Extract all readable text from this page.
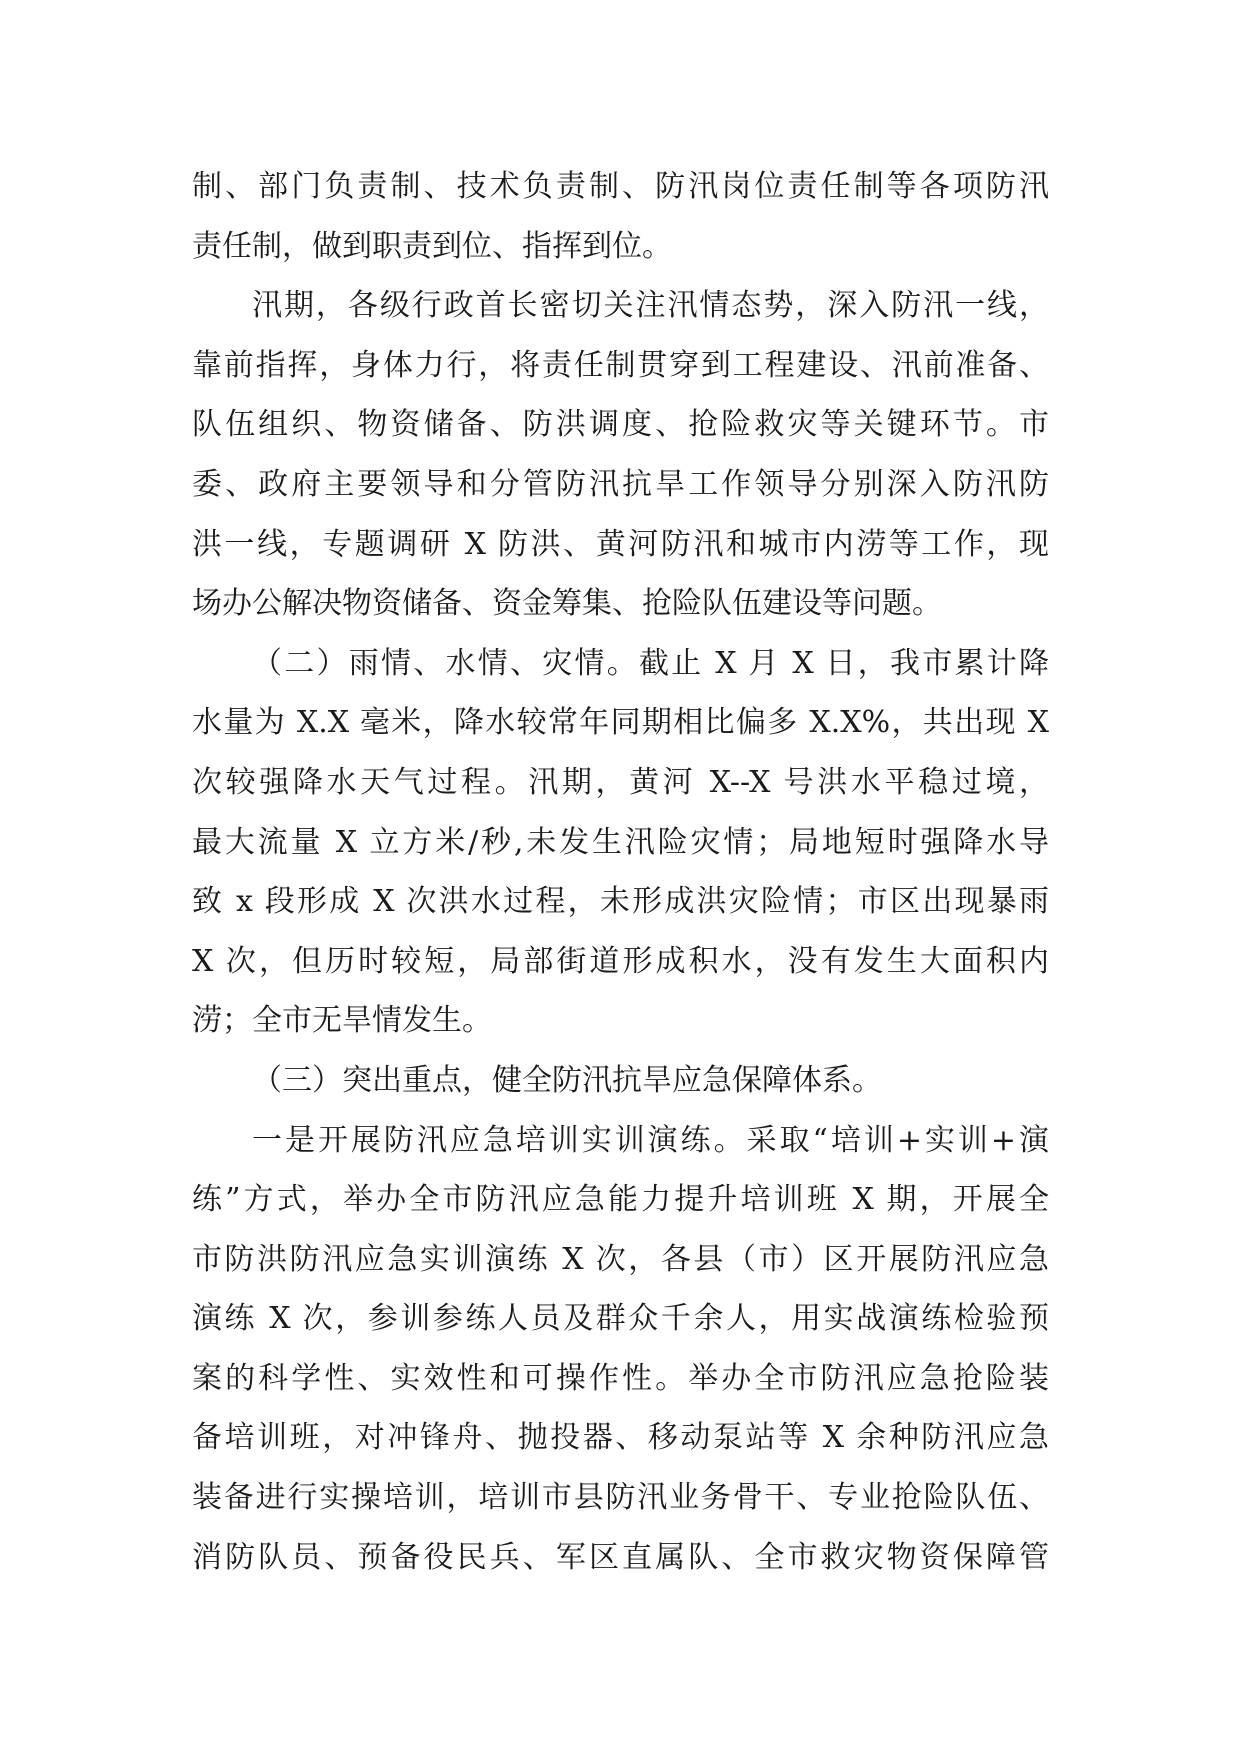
制、部门负责制、技术负责制、防汛岗位责任制等各项防汛
责任制，做到职责到位、指挥到位。
汛期，各级行政首长密切关注汛情态势，深入防汛一线，
靠前指挥，身体力行，将责任制贯穿到工程建设、汛前准备、
队伍组织、物资储备、防洪调度、抢险救灾等关键环节。市
委、政府主要领导和分管防汛抗旱工作领导分别深入防汛防
洪一线，专题调研 X 防洪、黄河防汛和城市内涝等工作，现
场办公解决物资储备、资金筹集、抢险队伍建设等问题。
（二）雨情、水情、灾情。截止 X 月 X 日，我市累计降
水量为 X.X 毫米，降水较常年同期相比偏多 X.X%，共出现 X
次较强降水天气过程。汛期，黄河 X--X 号洪水平稳过境，
最大流量 X 立方米/秒,未发生汛险灾情；局地短时强降水导
致 x 段形成 X 次洪水过程，未形成洪灾险情；市区出现暴雨
X 次，但历时较短，局部街道形成积水，没有发生大面积内
涝；全市无旱情发生。
（三）突出重点，健全防汛抗旱应急保障体系。
一是开展防汛应急培训实训演练。采取“培训+实训+演
练”方式，举办全市防汛应急能力提升培训班 X 期，开展全
市防洪防汛应急实训演练 X 次，各县（市）区开展防汛应急
演练 X 次，参训参练人员及群众千余人，用实战演练检验预
案的科学性、实效性和可操作性。举办全市防汛应急抢险装
备培训班，对冲锋舟、抛投器、移动泵站等 X 余种防汛应急
装备进行实操培训，培训市县防汛业务骨干、专业抢险队伍、
消防队员、预备役民兵、军区直属队、全市救灾物资保障管
